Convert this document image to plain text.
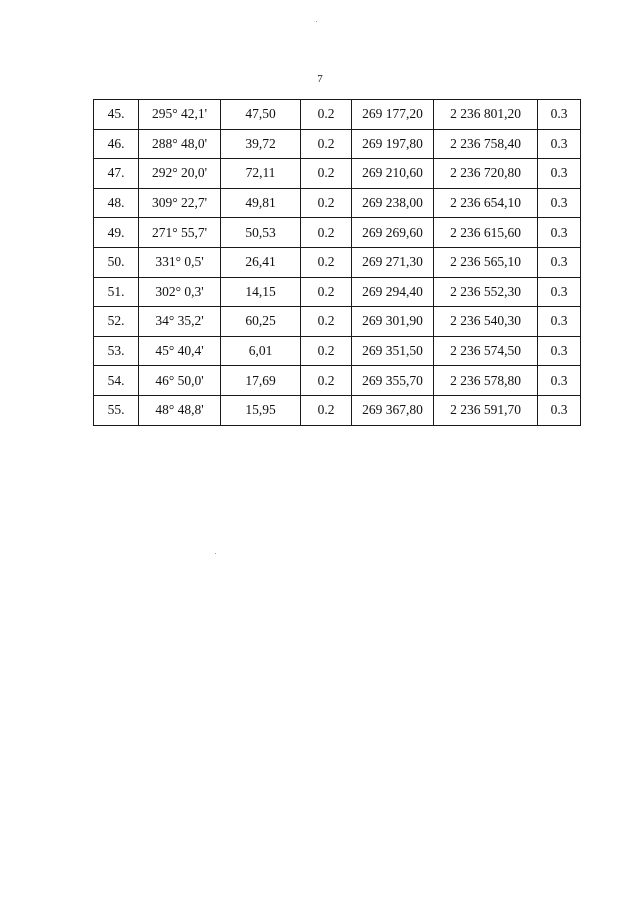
7
45.	295° 42,1'	47,50	0.2	269 177,20	2 236 801,20	0.3
46.	288° 48,0'	39,72	0.2	269 197,80	2 236 758,40	0.3
47.	292° 20,0'	72,11	0.2	269 210,60	2 236 720,80	0.3
48.	309° 22,7'	49,81	0.2	269 238,00	2 236 654,10	0.3
49.	271° 55,7'	50,53	0.2	269 269,60	2 236 615,60	0.3
50.	331° 0,5'	26,41	0.2	269 271,30	2 236 565,10	0.3
51.	302° 0,3'	14,15	0.2	269 294,40	2 236 552,30	0.3
52.	34° 35,2'	60,25	0.2	269 301,90	2 236 540,30	0.3
53.	45° 40,4'	6,01	0.2	269 351,50	2 236 574,50	0.3
54.	46° 50,0'	17,69	0.2	269 355,70	2 236 578,80	0.3
55.	48° 48,8'	15,95	0.2	269 367,80	2 236 591,70	0.3
